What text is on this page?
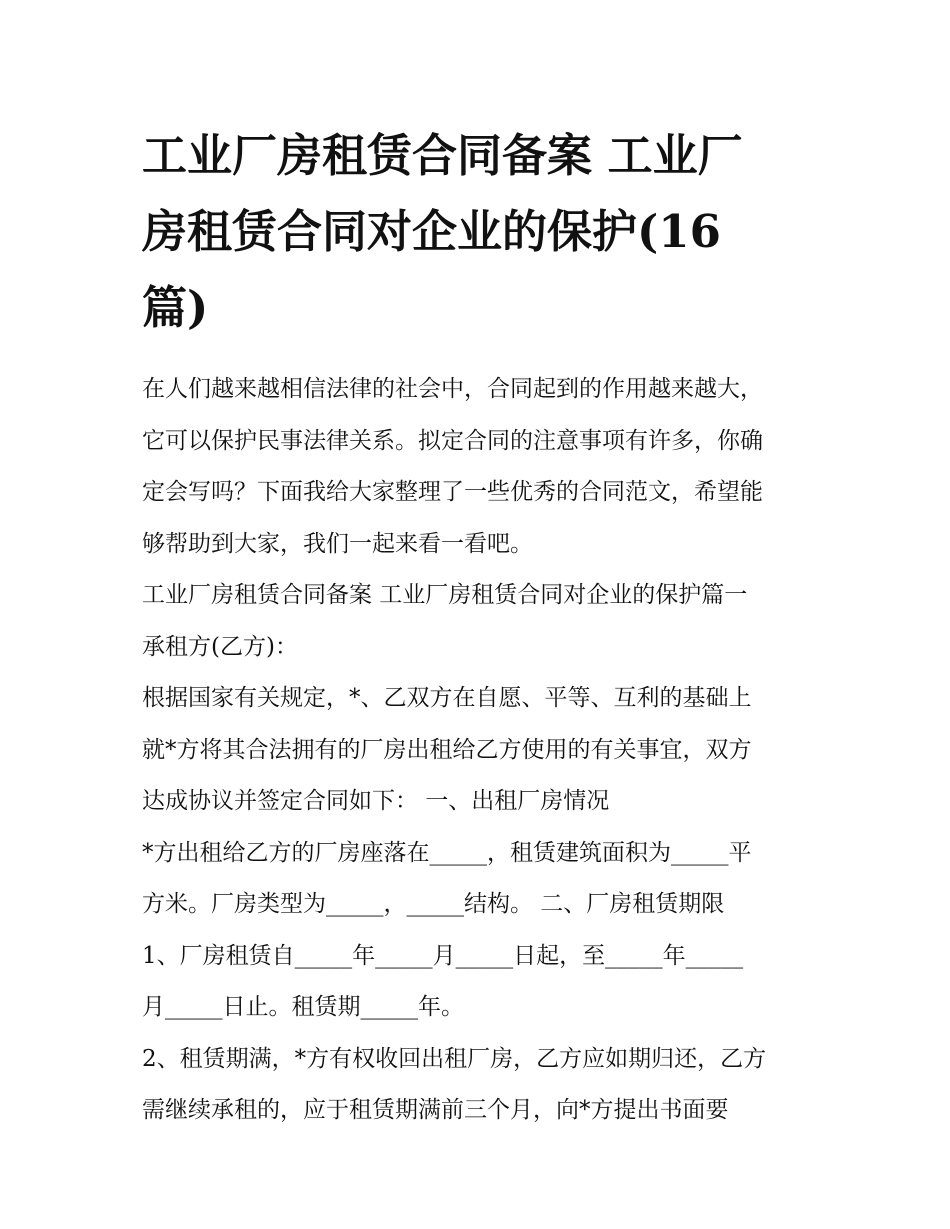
工业厂房租赁合同备案 工业厂
房租赁合同对企业的保护(16
篇)

在人们越来越相信法律的社会中，合同起到的作用越来越大，
它可以保护民事法律关系。拟定合同的注意事项有许多，你确
定会写吗？下面我给大家整理了一些优秀的合同范文，希望能
够帮助到大家，我们一起来看一看吧。

工业厂房租赁合同备案 工业厂房租赁合同对企业的保护篇一

承租方(乙方)：

根据国家有关规定，*、乙双方在自愿、平等、互利的基础上
就*方将其合法拥有的厂房出租给乙方使用的有关事宜，双方
达成协议并签定合同如下： 一、出租厂房情况

*方出租给乙方的厂房座落在_____，租赁建筑面积为_____平
方米。厂房类型为_____，_____结构。 二、厂房租赁期限

1、厂房租赁自_____年_____月_____日起，至_____年_____
月_____日止。租赁期_____年。

2、租赁期满，*方有权收回出租厂房，乙方应如期归还，乙方
需继续承租的，应于租赁期满前三个月，向*方提出书面要
